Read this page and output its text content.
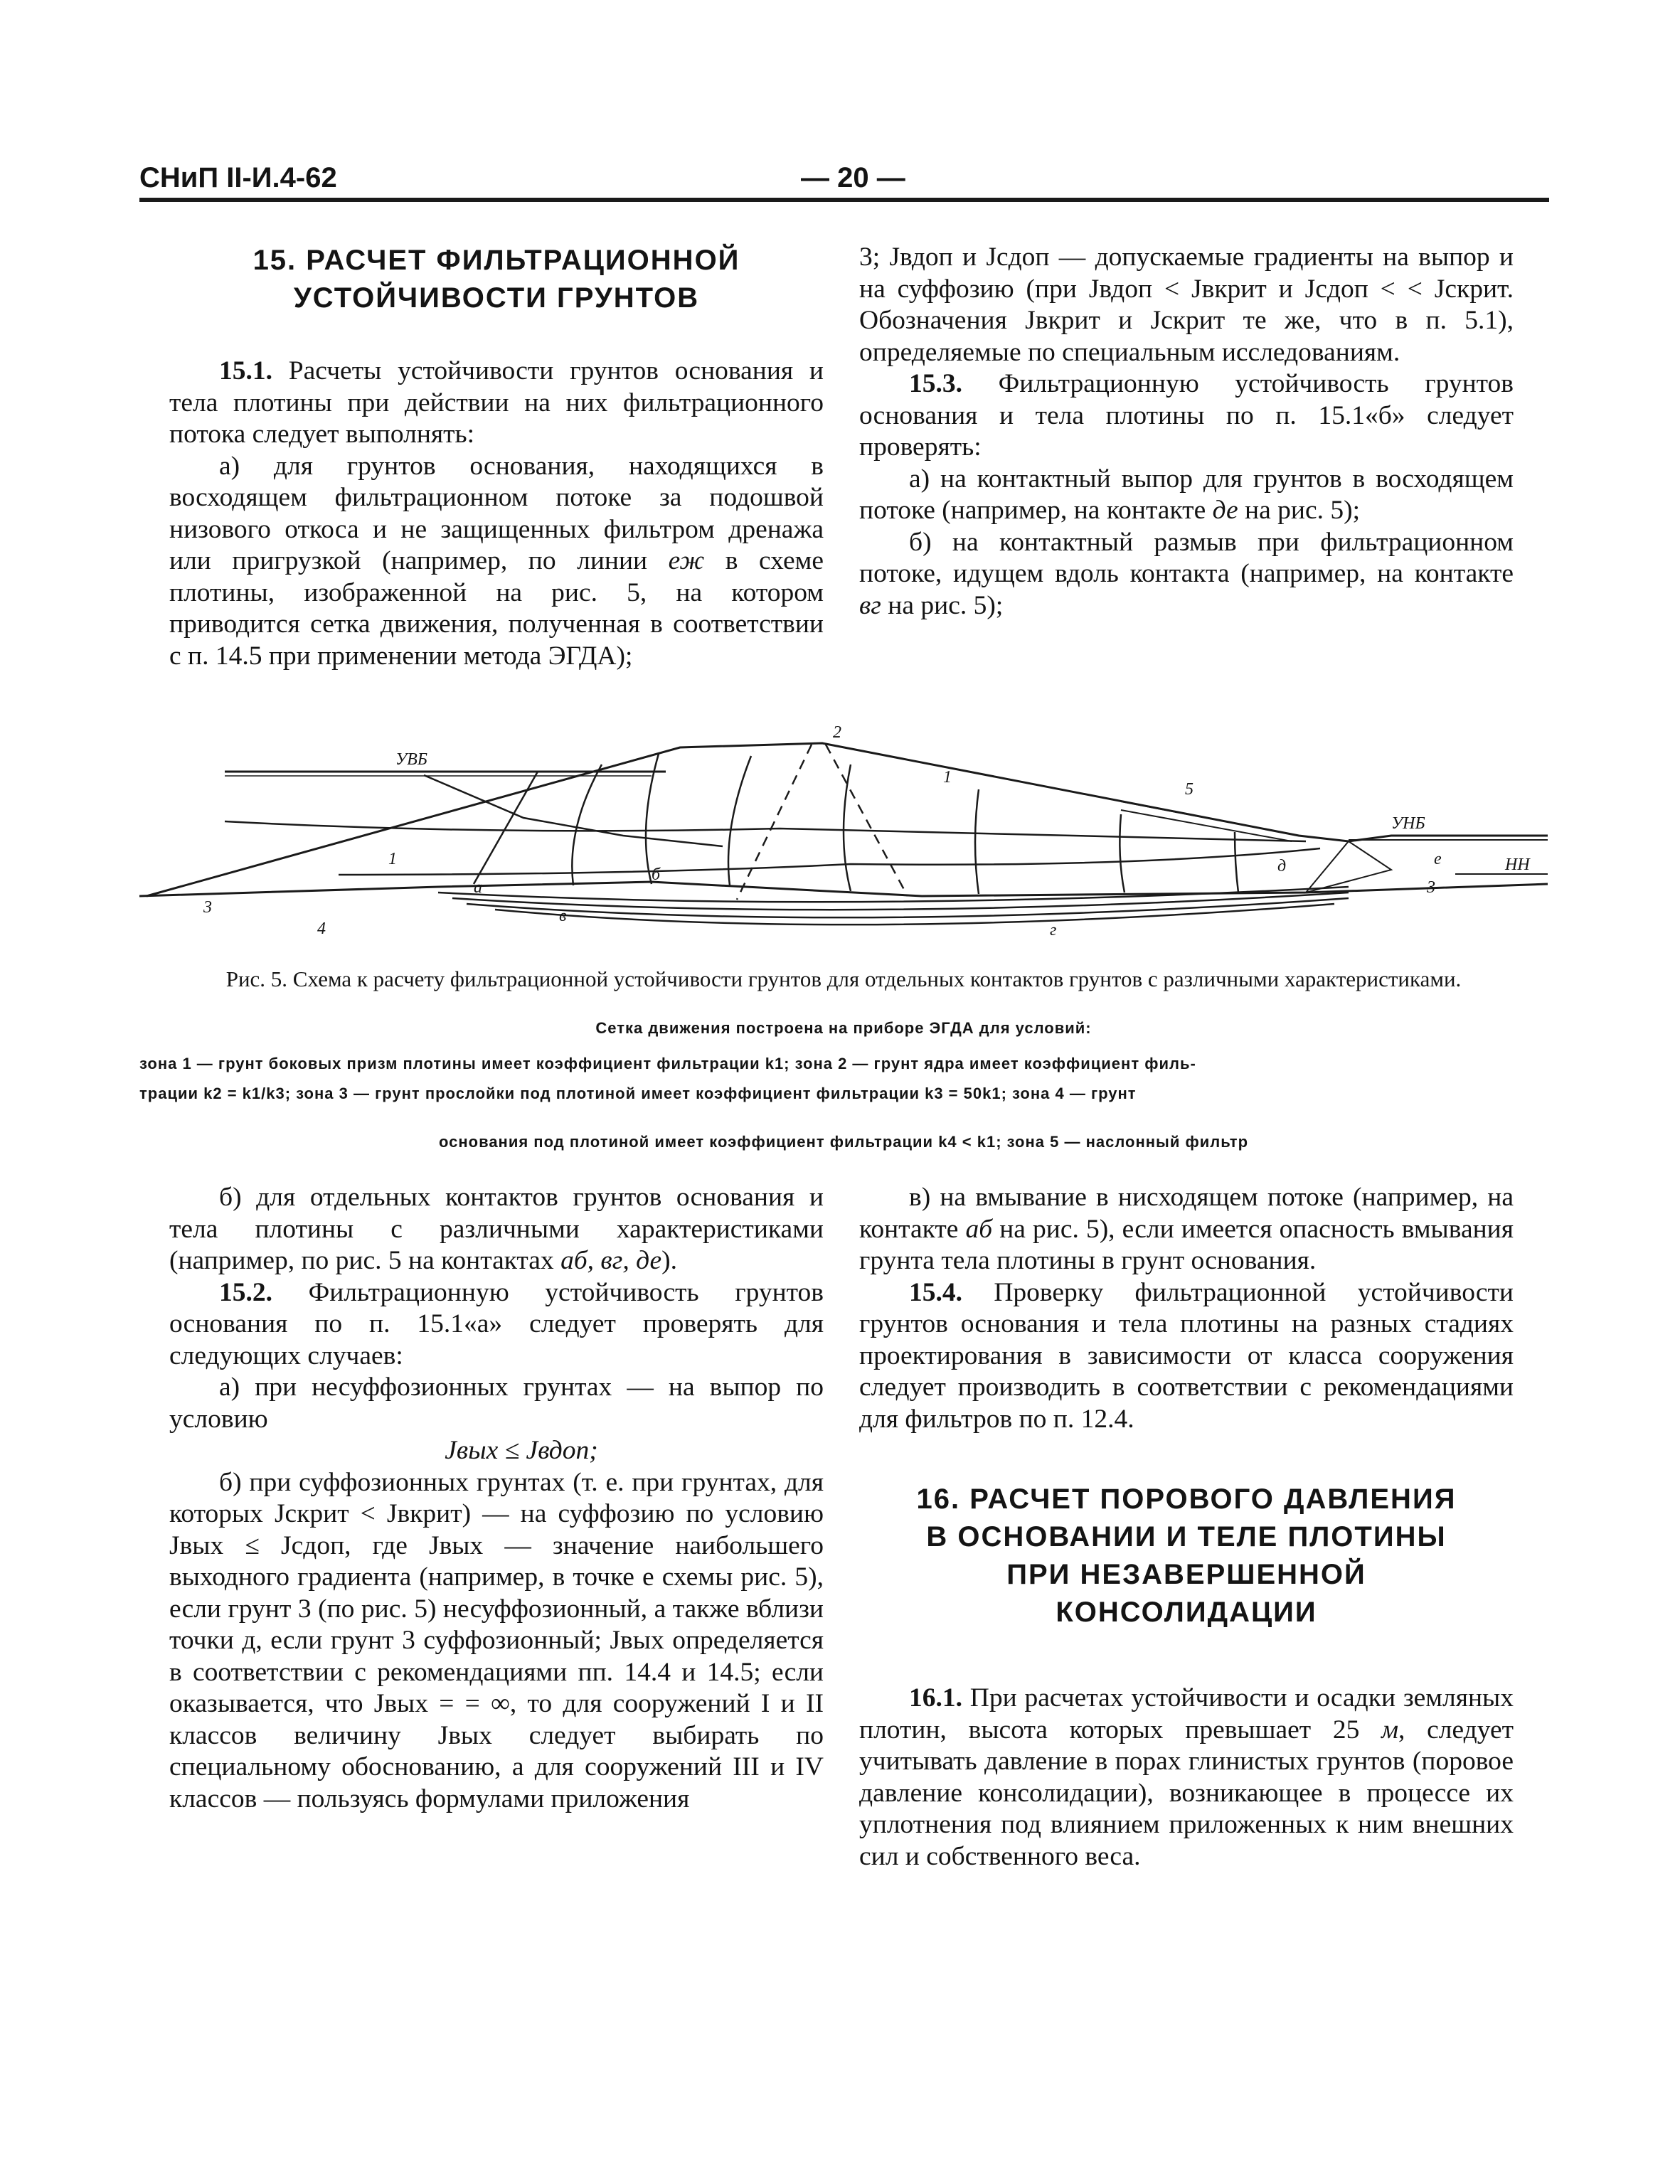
СНиП II-И.4-62	— 20 —
15. РАСЧЕТ ФИЛЬТРАЦИОННОЙ
УСТОЙЧИВОСТИ ГРУНТОВ

15.1. Расчеты устойчивости грунтов основания и тела плотины при действии на них фильтрационного потока следует выполнять:

а) для грунтов основания, находящихся в восходящем фильтрационном потоке за подошвой низового откоса и не защищенных фильтром дренажа или пригрузкой (например, по линии еж в схеме плотины, изображенной на рис. 5, на котором приводится сетка движения, полученная в соответствии с п. 14.5 при применении метода ЭГДА);

3; Jвдоп и Jcдоп — допускаемые градиенты на выпор и на суффозию (при Jвдоп < Jвкрит и Jcдоп < < Jcкрит. Обозначения Jвкрит и Jcкрит те же, что в п. 5.1), определяемые по специальным исследованиям.

15.3. Фильтрационную устойчивость грунтов основания и тела плотины по п. 15.1«б» следует проверять:

а) на контактный выпор для грунтов в восходящем потоке (например, на контакте де на рис. 5);

б) на контактный размыв при фильтрационном потоке, идущем вдоль контакта (например, на контакте вг на рис. 5);

УВБ
УНБ
НН
1
1
2
3
3
4
5
а
б
в
г
д	е
Рис. 5. Схема к расчету фильтрационной устойчивости грунтов для отдельных контактов грунтов с различными характеристиками.
Сетка движения построена на приборе ЭГДА для условий:
зона 1 — грунт боковых призм плотины имеет коэффициент фильтрации k1; зона 2 — грунт ядра имеет коэффициент филь-
трации k2 = k1/k3; зона 3 — грунт прослойки под плотиной имеет коэффициент фильтрации k3 = 50k1; зона 4 — грунт
основания под плотиной имеет коэффициент фильтрации k4 < k1; зона 5 — наслонный фильтр

б) для отдельных контактов грунтов основания и тела плотины с различными характеристиками (например, по рис. 5 на контактах аб, вг, де).

15.2. Фильтрационную устойчивость грунтов основания по п. 15.1«а» следует проверять для следующих случаев:

а) при несуффозионных грунтах — на выпор по условию

Jвых ≤ Jвдоп;

б) при суффозионных грунтах (т. е. при грунтах, для которых Jcкрит < Jвкрит) — на суффозию по условию Jвых ≤ Jcдоп, где Jвых — значение наибольшего выходного градиента (например, в точке е схемы рис. 5), если грунт 3 (по рис. 5) несуффозионный, а также вблизи точки д, если грунт 3 суффозионный; Jвых определяется в соответствии с рекомендациями пп. 14.4 и 14.5; если оказывается, что Jвых = = ∞, то для сооружений I и II классов величину Jвых следует выбирать по специальному обоснованию, а для сооружений III и IV классов — пользуясь формулами приложения

в) на вмывание в нисходящем потоке (например, на контакте аб на рис. 5), если имеется опасность вмывания грунта тела плотины в грунт основания.

15.4. Проверку фильтрационной устойчивости грунтов основания и тела плотины на разных стадиях проектирования в зависимости от класса сооружения следует производить в соответствии с рекомендациями для фильтров по п. 12.4.

16. РАСЧЕТ ПОРОВОГО ДАВЛЕНИЯ
В ОСНОВАНИИ И ТЕЛЕ ПЛОТИНЫ
ПРИ НЕЗАВЕРШЕННОЙ
КОНСОЛИДАЦИИ

16.1. При расчетах устойчивости и осадки земляных плотин, высота которых превышает 25 м, следует учитывать давление в порах глинистых грунтов (поровое давление консолидации), возникающее в процессе их уплотнения под влиянием приложенных к ним внешних сил и собственного веса.
